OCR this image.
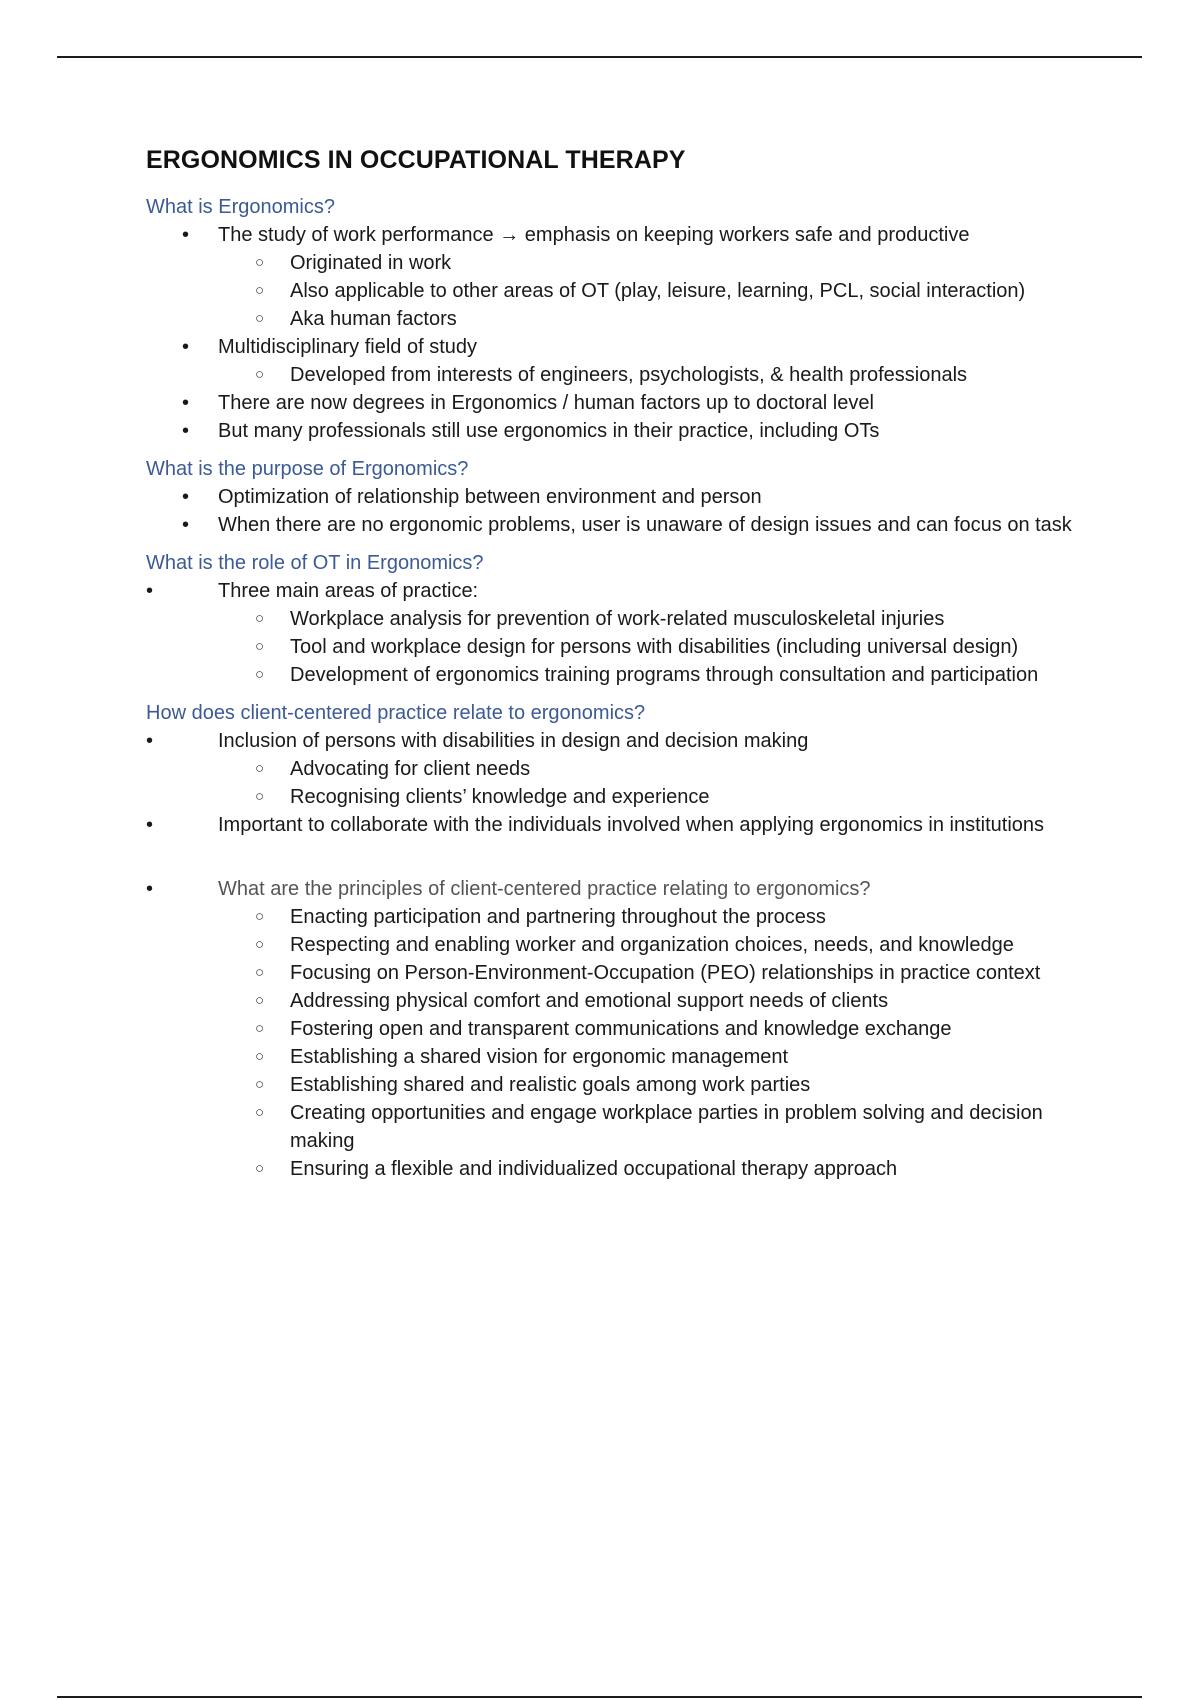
ERGONOMICS IN OCCUPATIONAL THERAPY
What is Ergonomics?
• The study of work performance → emphasis on keeping workers safe and productive
○ Originated in work
○ Also applicable to other areas of OT (play, leisure, learning, PCL, social interaction)
○ Aka human factors
• Multidisciplinary field of study
○ Developed from interests of engineers, psychologists, & health professionals
• There are now degrees in Ergonomics / human factors up to doctoral level
• But many professionals still use ergonomics in their practice, including OTs
What is the purpose of Ergonomics?
• Optimization of relationship between environment and person
• When there are no ergonomic problems, user is unaware of design issues and can focus on task
What is the role of OT in Ergonomics?
•	Three main areas of practice:
○ Workplace analysis for prevention of work-related musculoskeletal injuries
○ Tool and workplace design for persons with disabilities (including universal design)
○ Development of ergonomics training programs through consultation and participation
How does client-centered practice relate to ergonomics?
•	Inclusion of persons with disabilities in design and decision making
○ Advocating for client needs
○ Recognising clients’ knowledge and experience
•	Important to collaborate with the individuals involved when applying ergonomics in institutions
•	What are the principles of client-centered practice relating to ergonomics?
○ Enacting participation and partnering throughout the process
○ Respecting and enabling worker and organization choices, needs, and knowledge
○ Focusing on Person-Environment-Occupation (PEO) relationships in practice context
○ Addressing physical comfort and emotional support needs of clients
○ Fostering open and transparent communications and knowledge exchange
○ Establishing a shared vision for ergonomic management
○ Establishing shared and realistic goals among work parties
○ Creating opportunities and engage workplace parties in problem solving and decision making
○ Ensuring a flexible and individualized occupational therapy approach
